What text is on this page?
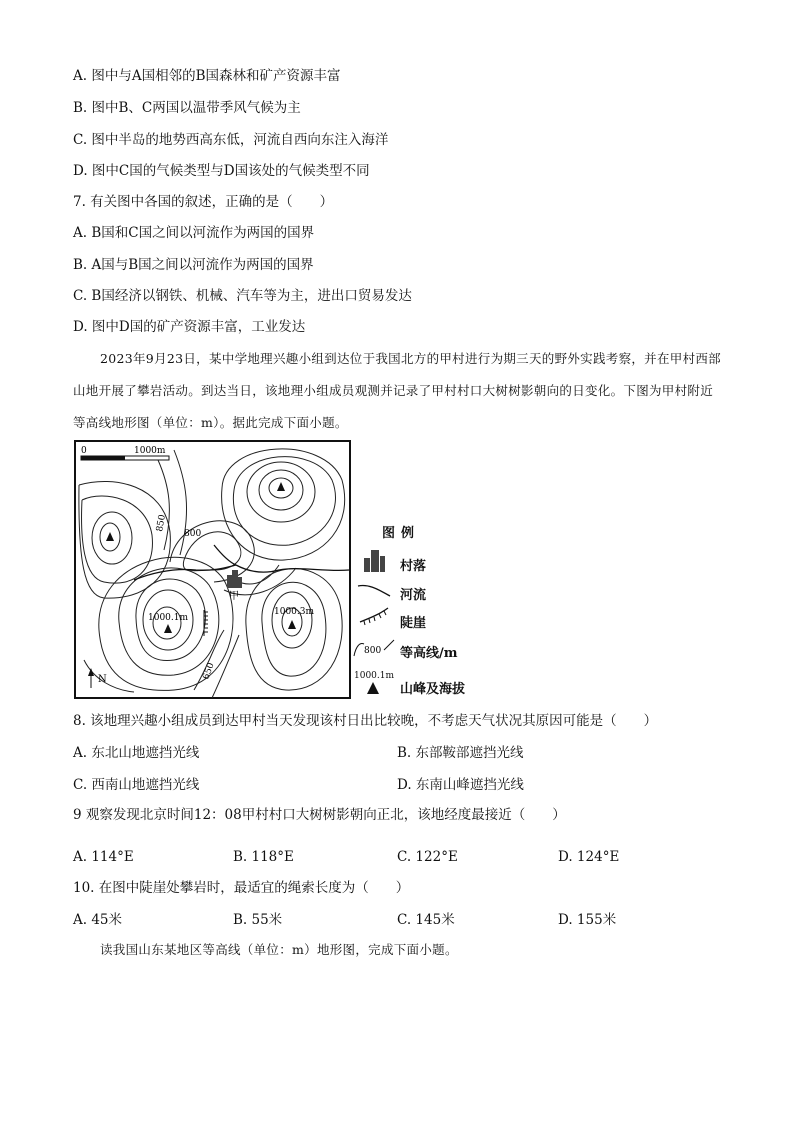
A. 图中与A国相邻的B国森林和矿产资源丰富
B. 图中B、C两国以温带季风气候为主
C. 图中半岛的地势西高东低，河流自西向东注入海洋
D. 图中C国的气候类型与D国该处的气候类型不同
7. 有关图中各国的叙述，正确的是（　　）
A. B国和C国之间以河流作为两国的国界
B. A国与B国之间以河流作为两国的国界
C. B国经济以钢铁、机械、汽车等为主，进出口贸易发达
D. 图中D国的矿产资源丰富，工业发达
2023年9月23日，某中学地理兴趣小组到达位于我国北方的甲村进行为期三天的野外实践考察，并在甲村西部山地开展了攀岩活动。到达当日，该地理小组成员观测并记录了甲村村口大树树影朝向的日变化。下图为甲村附近等高线地形图（单位：m）。据此完成下面小题。
0	1000m
850
800
650
1000.1m
1000.3m
甲
N
图例
村落
河流
陡崖
800 等高线/m
1000.1m
山峰及海拔
8. 该地理兴趣小组成员到达甲村当天发现该村日出比较晚，不考虑天气状况其原因可能是（　　）
A. 东北山地遮挡光线	B. 东部鞍部遮挡光线
C. 西南山地遮挡光线	D. 东南山峰遮挡光线
9 观察发现北京时间12：08甲村村口大树树影朝向正北，该地经度最接近（　　）
A. 114°E	B. 118°E	C. 122°E	D. 124°E
10. 在图中陡崖处攀岩时，最适宜的绳索长度为（　　）
A. 45米	B. 55米	C. 145米	D. 155米
读我国山东某地区等高线（单位：m）地形图，完成下面小题。
